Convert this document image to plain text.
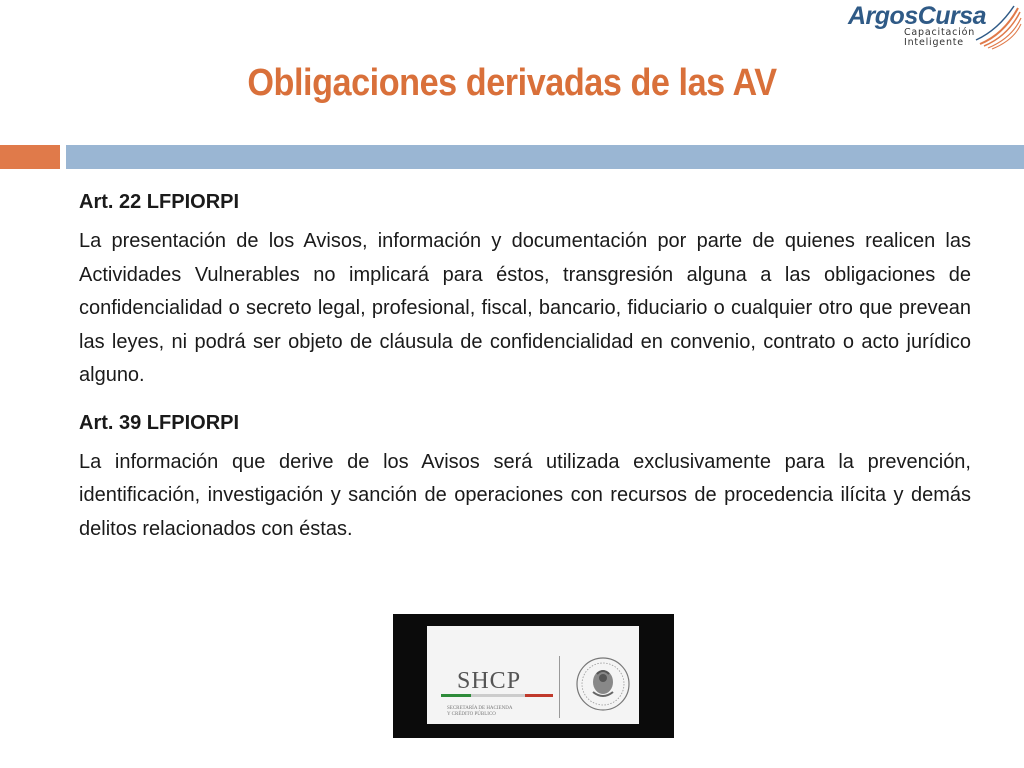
ArgosCursa
Capacitación
Inteligente
Obligaciones derivadas de las AV
Art. 22 LFPIORPI
La presentación de los Avisos, información y documentación por parte de quienes realicen las Actividades Vulnerables no implicará para éstos, transgresión alguna a las obligaciones de confidencialidad o secreto legal, profesional, fiscal, bancario, fiduciario o cualquier otro que prevean las leyes, ni podrá ser objeto de cláusula de confidencialidad en convenio, contrato o acto jurídico alguno.
Art. 39 LFPIORPI
La información que derive de los Avisos será utilizada exclusivamente para la prevención, identificación, investigación y sanción de operaciones con recursos de procedencia ilícita y demás delitos relacionados con éstas.
SHCP
SECRETARÍA DE HACIENDA
Y CRÉDITO PÚBLICO
